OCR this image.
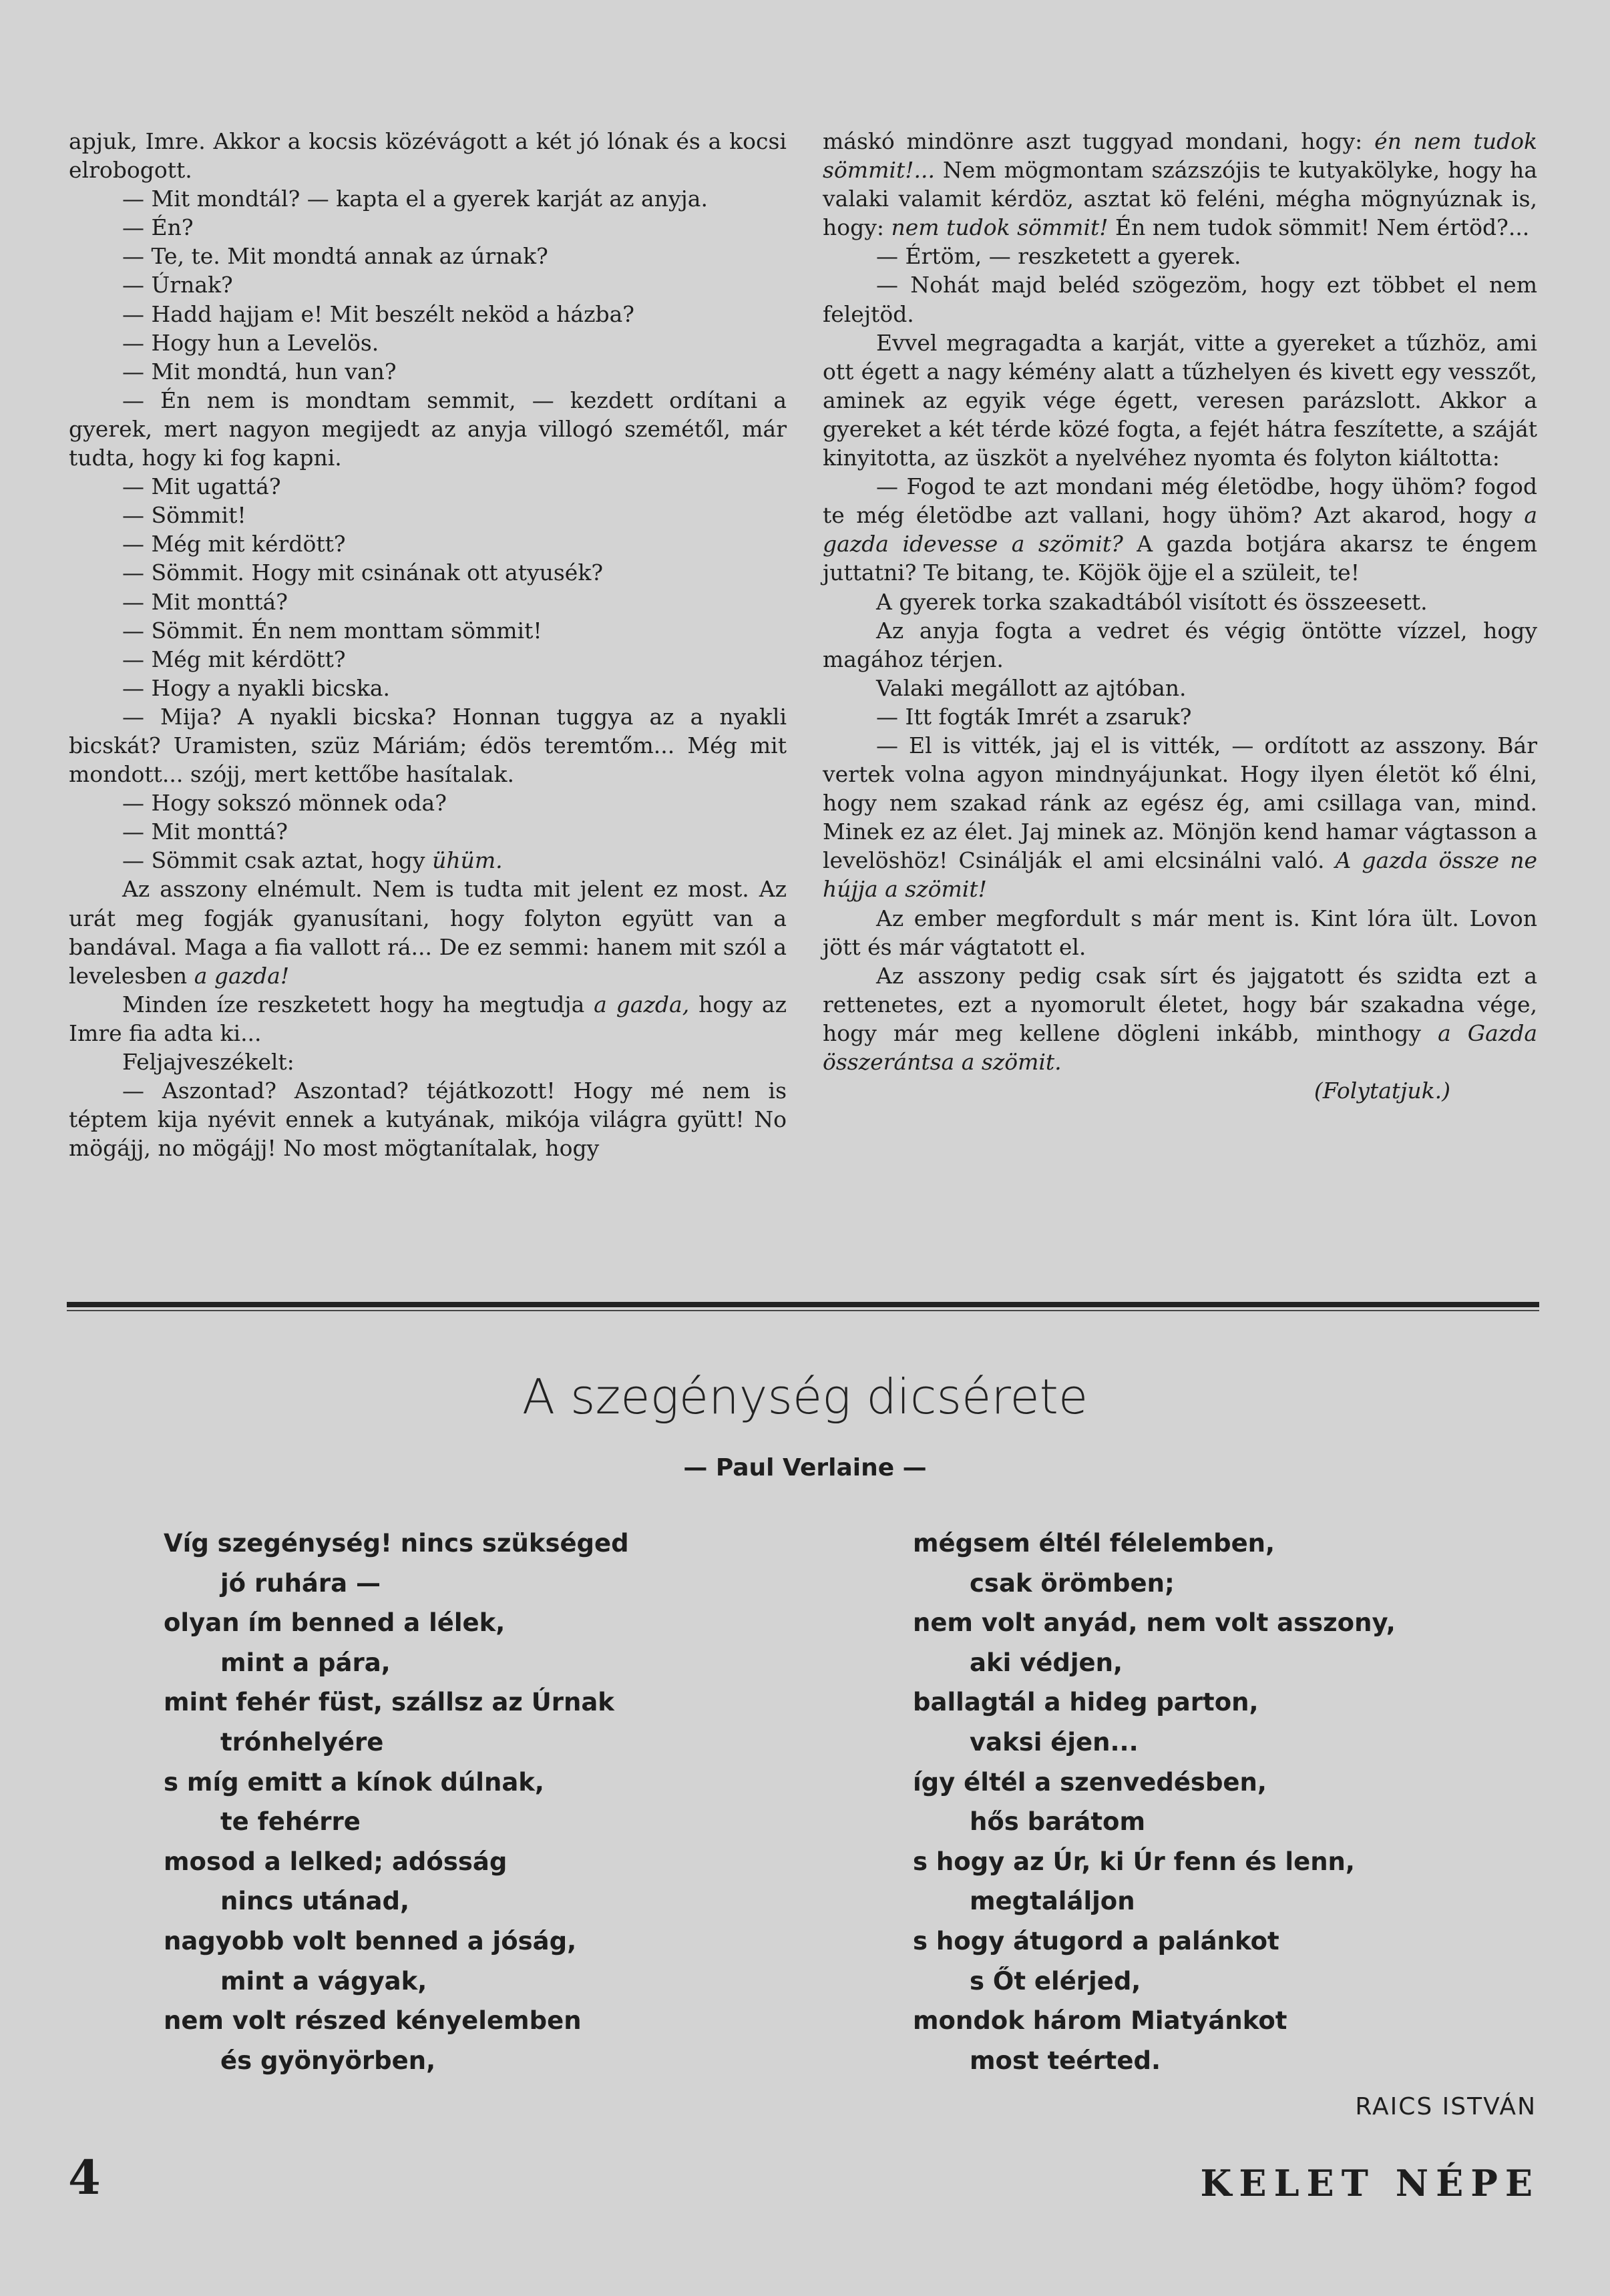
apjuk, Imre. Akkor a kocsis közévágott a két jó lónak és a kocsi elrobogott.

— Mit mondtál? — kapta el a gyerek karját az anyja.

— Én?

— Te, te. Mit mondtá annak az úrnak?

— Úrnak?

— Hadd hajjam e! Mit beszélt neköd a házba?

— Hogy hun a Levelös.

— Mit mondtá, hun van?

— Én nem is mondtam semmit, — kezdett ordítani a gyerek, mert nagyon megijedt az anyja villogó szemétől, már tudta, hogy ki fog kapni.

— Mit ugattá?

— Sömmit!

— Még mit kérdött?

— Sömmit. Hogy mit csinának ott atyusék?

— Mit monttá?

— Sömmit. Én nem monttam sömmit!

— Még mit kérdött?

— Hogy a nyakli bicska.

— Mija? A nyakli bicska? Honnan tuggya az a nyakli bicskát? Uramisten, szüz Máriám; édös teremtőm... Még mit mondott... szójj, mert kettőbe hasítalak.

— Hogy sokszó mönnek oda?

— Mit monttá?

— Sömmit csak aztat, hogy ühüm.

Az asszony elnémult. Nem is tudta mit jelent ez most. Az urát meg fogják gyanusítani, hogy folyton együtt van a bandával. Maga a fia vallott rá... De ez semmi: hanem mit szól a levelesben a gazda!

Minden íze reszketett hogy ha megtudja a gazda, hogy az Imre fia adta ki...

Feljajveszékelt:

— Aszontad? Aszontad? téjátkozott! Hogy mé nem is téptem kija nyévit ennek a kutyának, mikója világra gyütt! No mögájj, no mögájj! No most mögtanítalak, hogy

máskó mindönre aszt tuggyad mondani, hogy: én nem tudok sömmit!... Nem mögmontam százszójis te kutyakölyke, hogy ha valaki valamit kérdöz, asztat kö feléni, mégha mögnyúznak is, hogy: nem tudok sömmit! Én nem tudok sömmit! Nem értöd?...

— Értöm, — reszketett a gyerek.

— Nohát majd beléd szögezöm, hogy ezt többet el nem felejtöd.

Evvel megragadta a karját, vitte a gyereket a tűzhöz, ami ott égett a nagy kémény alatt a tűzhelyen és kivett egy vesszőt, aminek az egyik vége égett, veresen parázslott. Akkor a gyereket a két térde közé fogta, a fejét hátra feszítette, a száját kinyitotta, az üszköt a nyelvéhez nyomta és folyton kiáltotta:

— Fogod te azt mondani még életödbe, hogy ühöm? fogod te még életödbe azt vallani, hogy ühöm? Azt akarod, hogy a gazda idevesse a szömit? A gazda botjára akarsz te éngem juttatni? Te bitang, te. Köjök öjje el a szüleit, te!

A gyerek torka szakadtából visított és összeesett.

Az anyja fogta a vedret és végig öntötte vízzel, hogy magához térjen.

Valaki megállott az ajtóban.

— Itt fogták Imrét a zsaruk?

— El is vitték, jaj el is vitték, — ordított az asszony. Bár vertek volna agyon mindnyájunkat. Hogy ilyen életöt kő élni, hogy nem szakad ránk az egész ég, ami csillaga van, mind. Minek ez az élet. Jaj minek az. Mönjön kend hamar vágtasson a levelöshöz! Csinálják el ami elcsinálni való. A gazda össze ne hújja a szömit!

Az ember megfordult s már ment is. Kint lóra ült. Lovon jött és már vágtatott el.

Az asszony pedig csak sírt és jajgatott és szidta ezt a rettenetes, ezt a nyomorult életet, hogy bár szakadna vége, hogy már meg kellene dögleni inkább, minthogy a Gazda összerántsa a szömit.

(Folytatjuk.)

A szegénység dicsérete
— Paul Verlaine —
Víg szegénység! nincs szükséged
jó ruhára —
olyan ím benned a lélek,
mint a pára,
mint fehér füst, szállsz az Úrnak
trónhelyére
s míg emitt a kínok dúlnak,
te fehérre
mosod a lelked; adósság
nincs utánad,
nagyobb volt benned a jóság,
mint a vágyak,
nem volt részed kényelemben
és gyönyörben,
mégsem éltél félelemben,
csak örömben;
nem volt anyád, nem volt asszony,
aki védjen,
ballagtál a hideg parton,
vaksi éjen...
így éltél a szenvedésben,
hős barátom
s hogy az Úr, ki Úr fenn és lenn,
megtaláljon
s hogy átugord a palánkot
s Őt elérjed,
mondok három Miatyánkot
most teérted.
RAICS ISTVÁN
4	KELET NÉPE
